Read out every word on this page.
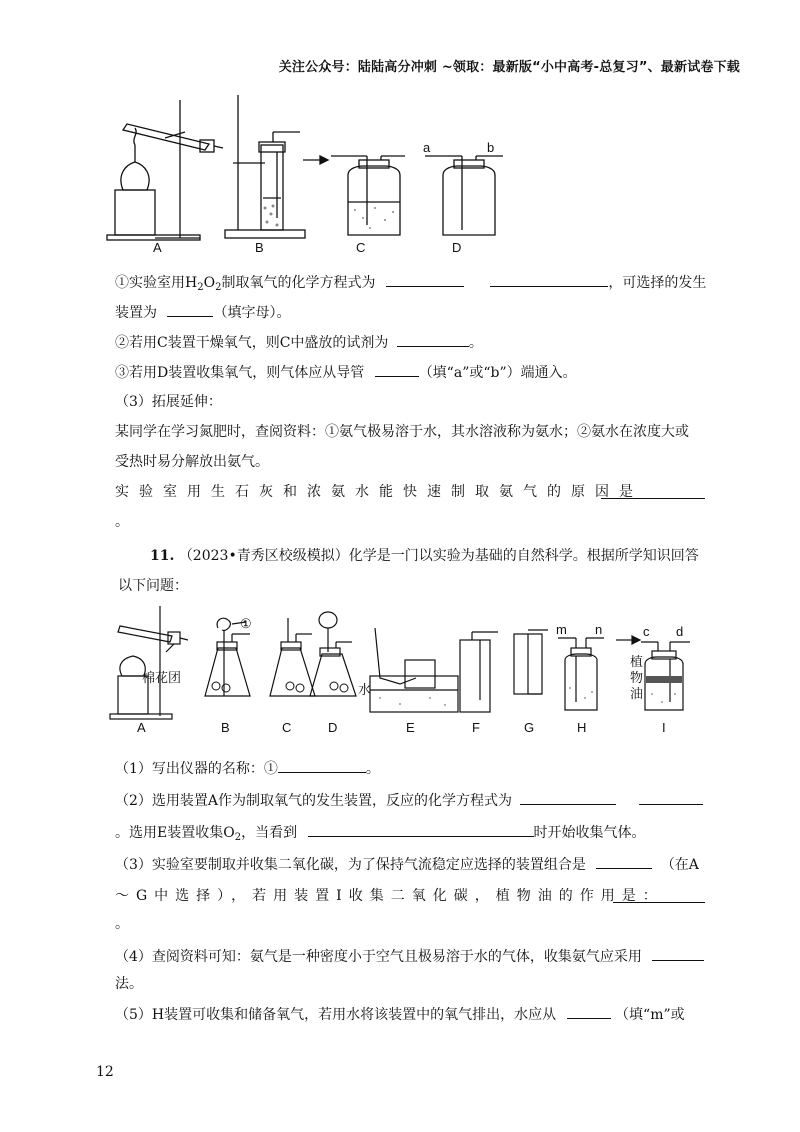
关注公众号：陆陆高分冲刺 ~领取：最新版“小中高考-总复习”、最新试卷下载
a	b
A	B	C	D
①实验室用$H_2O_2$制取氧气的化学方程式为	，可选择的发生
装置为	（填字母）。
②若用C装置干燥氧气，则C中盛放的试剂为	。
③若用D装置收集氧气，则气体应从导管	（填“a”或“b”）端通入。
（3）拓展延伸：
某同学在学习氮肥时，查阅资料：①氨气极易溶于水，其水溶液称为氨水；②氨水在浓度大或
受热时易分解放出氨气。
实验室用生石灰和浓氨水能快速制取氨气的原因是
。
11. （2023•青秀区校级模拟）化学是一门以实验为基础的自然科学。根据所学知识回答
以下问题：
①
棉花团
水
植
物
油
m n	c d
A	B	C	D	E	F	G	H	I
（1）写出仪器的名称：①	。
（2）选用装置A作为制取氧气的发生装置，反应的化学方程式为
。选用E装置收集$O_2$，当看到	时开始收集气体。
（3）实验室要制取并收集二氧化碳，为了保持气流稳定应选择的装置组合是	（在A
～G中选择），若用装置I收集二氧化碳，植物油的作用是：
。
（4）查阅资料可知：氨气是一种密度小于空气且极易溶于水的气体，收集氨气应采用
法。
（5）H装置可收集和储备氧气，若用水将该装置中的氧气排出，水应从	（填“m”或
12
